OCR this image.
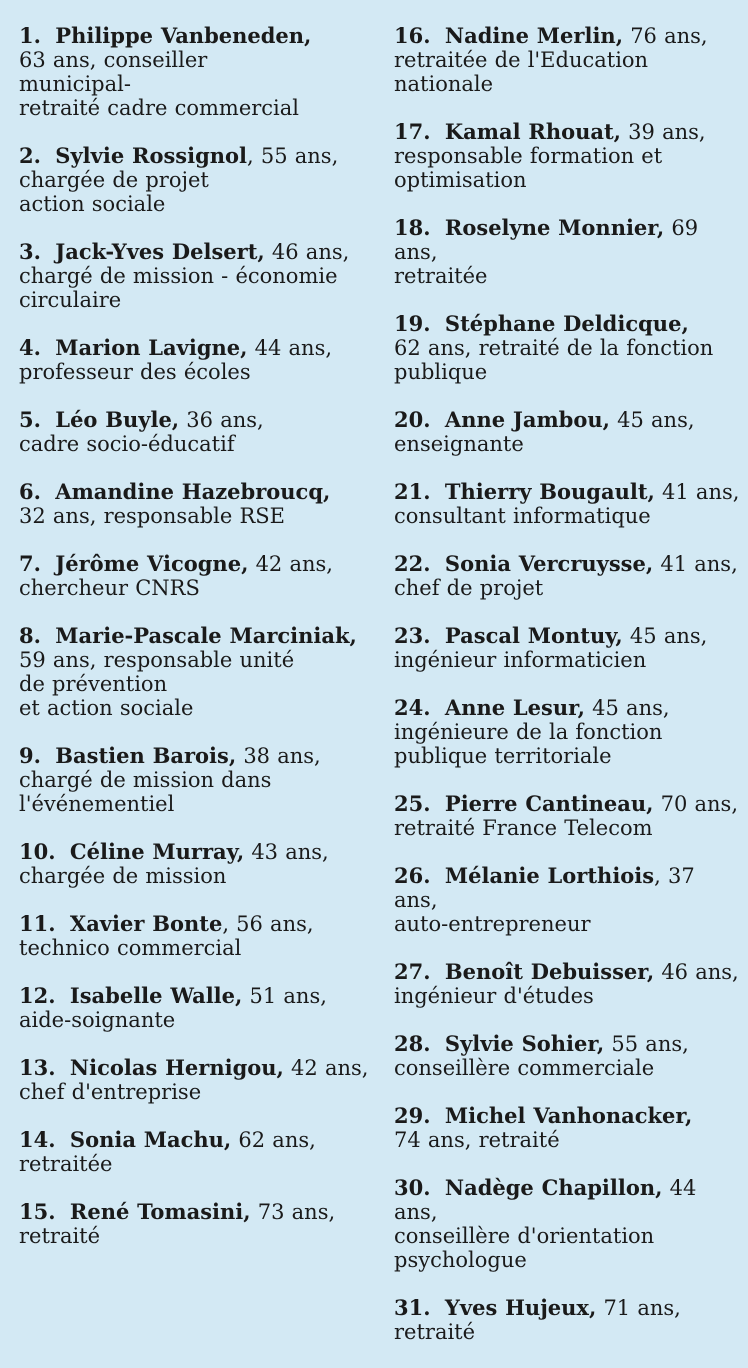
1. Philippe Vanbeneden,
63 ans, conseiller
municipal-
retraité cadre commercial
2. Sylvie Rossignol, 55 ans,
chargée de projet
action sociale
3. Jack-Yves Delsert, 46 ans,
chargé de mission - économie
circulaire
4. Marion Lavigne, 44 ans,
professeur des écoles
5. Léo Buyle, 36 ans,
cadre socio-éducatif
6. Amandine Hazebroucq,
32 ans, responsable RSE
7. Jérôme Vicogne, 42 ans,
chercheur CNRS
8. Marie-Pascale Marciniak,
59 ans, responsable unité
de prévention
et action sociale
9. Bastien Barois, 38 ans,
chargé de mission dans
l'événementiel
10. Céline Murray, 43 ans,
chargée de mission
11. Xavier Bonte, 56 ans,
technico commercial
12. Isabelle Walle, 51 ans,
aide-soignante
13. Nicolas Hernigou, 42 ans,
chef d'entreprise
14. Sonia Machu, 62 ans,
retraitée
15. René Tomasini, 73 ans,
retraité
16. Nadine Merlin, 76 ans,
retraitée de l'Education
nationale
17. Kamal Rhouat, 39 ans,
responsable formation et
optimisation
18. Roselyne Monnier, 69 ans,
retraitée
19. Stéphane Deldicque,
62 ans, retraité de la fonction
publique
20. Anne Jambou, 45 ans,
enseignante
21. Thierry Bougault, 41 ans,
consultant informatique
22. Sonia Vercruysse, 41 ans,
chef de projet
23. Pascal Montuy, 45 ans,
ingénieur informaticien
24. Anne Lesur, 45 ans,
ingénieure de la fonction
publique territoriale
25. Pierre Cantineau, 70 ans,
retraité France Telecom
26. Mélanie Lorthiois, 37 ans,
auto-entrepreneur
27. Benoît Debuisser, 46 ans,
ingénieur d'études
28. Sylvie Sohier, 55 ans,
conseillère commerciale
29. Michel Vanhonacker,
74 ans, retraité
30. Nadège Chapillon, 44 ans,
conseillère d'orientation
psychologue
31. Yves Hujeux, 71 ans,
retraité
